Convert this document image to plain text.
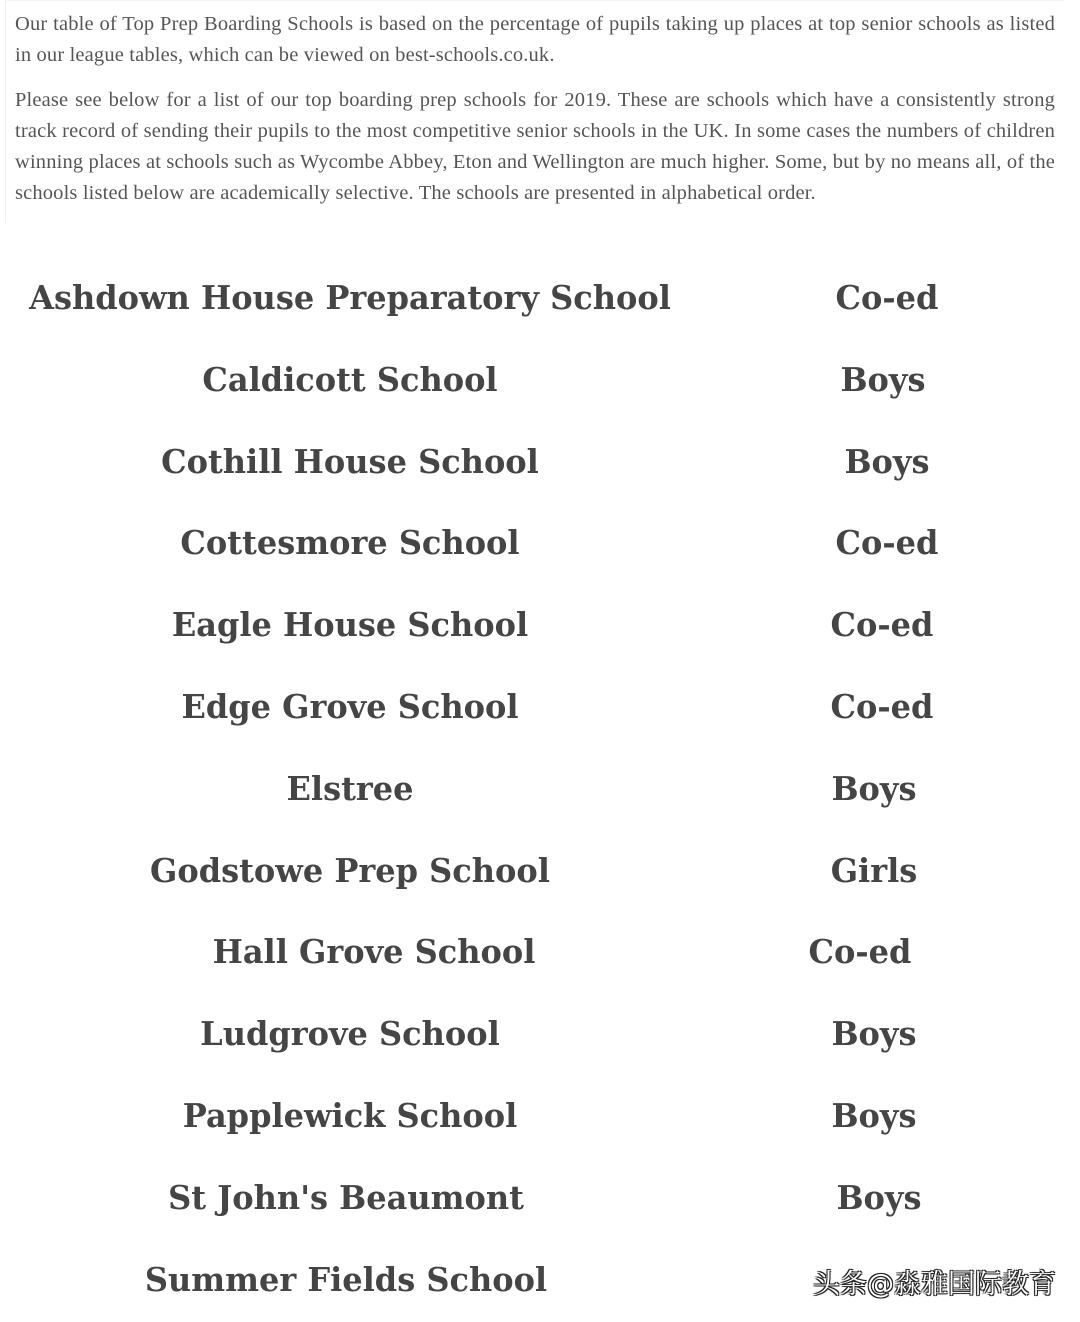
Our table of Top Prep Boarding Schools is based on the percentage of pupils taking up places at top senior schools as listed in our league tables, which can be viewed on best-schools.co.uk.

Please see below for a list of our top boarding prep schools for 2019. These are schools which have a consistently strong track record of sending their pupils to the most competitive senior schools in the UK. In some cases the numbers of children winning places at schools such as Wycombe Abbey, Eton and Wellington are much higher. Some, but by no means all, of the schools listed below are academically selective. The schools are presented in alphabetical order.

Ashdown House Preparatory School	Co-ed
Caldicott School	Boys
Cothill House School	Boys
Cottesmore School	Co-ed
Eagle House School	Co-ed
Edge Grove School	Co-ed
Elstree	Boys
Godstowe Prep School	Girls
Hall Grove School	Co-ed
Ludgrove School	Boys
Papplewick School	Boys
St John's Beaumont	Boys
Summer Fields School	头条@淼雅国际教育
